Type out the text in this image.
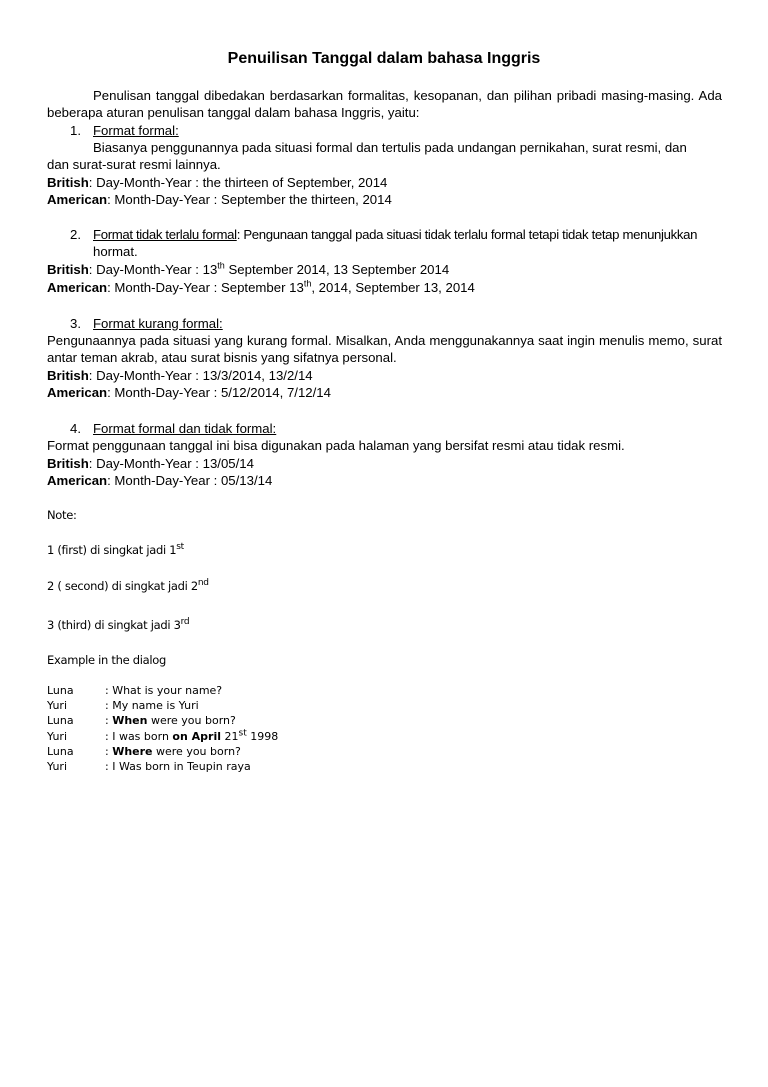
Penuilisan Tanggal dalam bahasa Inggris
Penulisan tanggal dibedakan berdasarkan formalitas, kesopanan, dan pilihan pribadi masing-masing. Ada beberapa aturan penulisan tanggal dalam bahasa Inggris, yaitu:
1. Format formal:
Biasanya penggunannya pada situasi formal dan tertulis pada undangan pernikahan, surat resmi, dan
dan surat-surat resmi lainnya.
British: Day-Month-Year : the thirteen of September, 2014
American: Month-Day-Year : September the thirteen, 2014
2. Format tidak terlalu formal: Pengunaan tanggal pada situasi tidak terlalu formal tetapi tidak tetap menunjukkan
hormat.
British: Day-Month-Year : 13th September 2014, 13 September 2014
American: Month-Day-Year : September 13th, 2014, September 13, 2014
3. Format kurang formal:
Pengunaannya pada situasi yang kurang formal. Misalkan, Anda menggunakannya saat ingin menulis memo, surat antar teman akrab, atau surat bisnis yang sifatnya personal.
British: Day-Month-Year : 13/3/2014, 13/2/14
American: Month-Day-Year : 5/12/2014, 7/12/14
4. Format formal dan tidak formal:
Format penggunaan tanggal ini bisa digunakan pada halaman yang bersifat resmi atau tidak resmi.
British: Day-Month-Year : 13/05/14
American: Month-Day-Year : 05/13/14
Note:
1 (first) di singkat jadi 1st
2 ( second) di singkat jadi 2nd
3 (third) di singkat jadi 3rd
Example in the dialog
Luna	: What is your name?
Yuri	: My name is Yuri
Luna	: When were you born?
Yuri	: I was born on April 21st 1998
Luna	: Where were you born?
Yuri	: I Was born in Teupin raya
